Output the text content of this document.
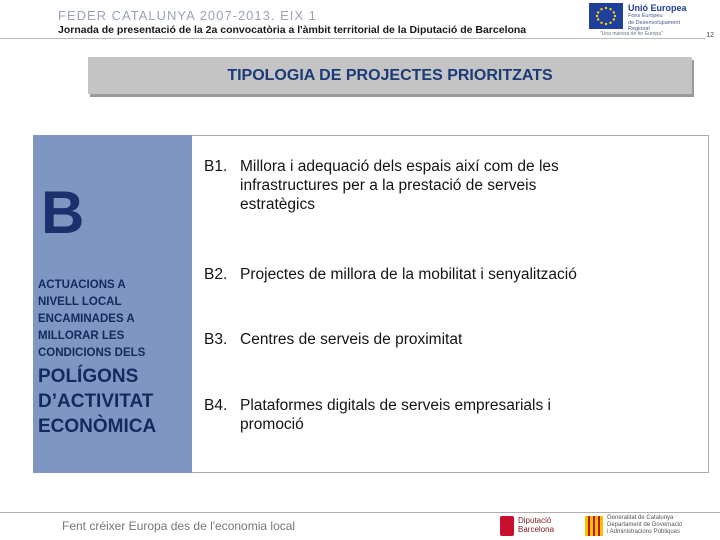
FEDER CATALUNYA 2007-2013. EIX 1
Jornada de presentació de la 2a convocatòria a l'àmbit territorial de la Diputació de Barcelona
Unió Europea
Fons Europeu
de Desenvolupament
Regional
"Una manera de fer Europa"	12
TIPOLOGIA DE PROJECTES PRIORITZATS
B
ACTUACIONS A
NIVELL LOCAL
ENCAMINADES A
MILLORAR LES
CONDICIONS DELS
POLÍGONS
D’ACTIVITAT
ECONÒMICA
B1. Millora i adequació dels espais així com de les
infrastructures per a la prestació de serveis
estratègics
B2. Projectes de millora de la mobilitat i senyalització
B3. Centres de serveis de proximitat
B4. Plataformes digitals de serveis empresarials i
promoció
Fent créixer Europa des de l'economia local	Diputació
Barcelona
Generalitat de Catalunya
Departament de Governació
i Administracions Públiques
